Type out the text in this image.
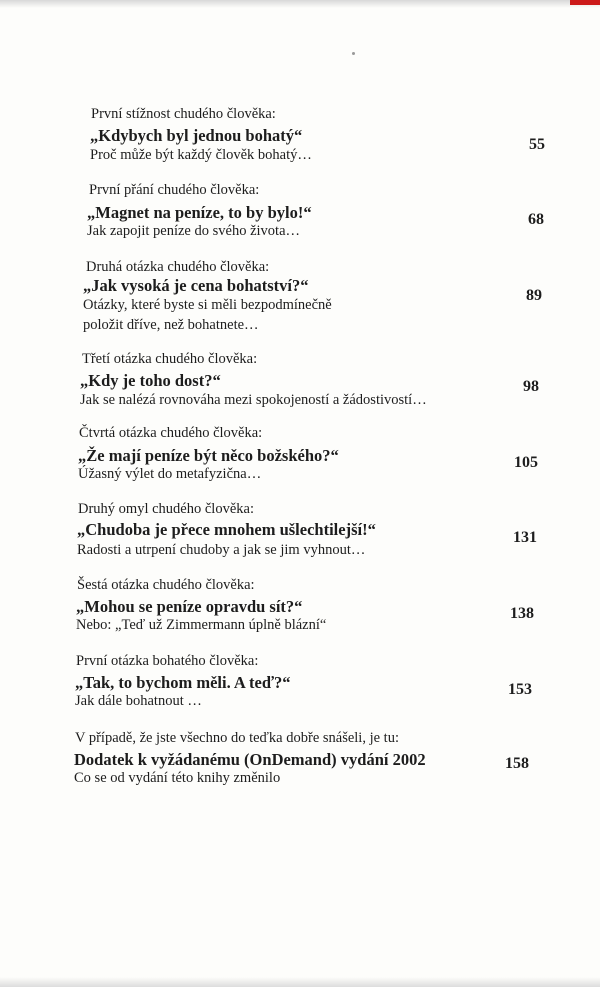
První stížnost chudého člověka:
„Kdybych byl jednou bohatý“
Proč může být každý člověk bohatý…
55
První přání chudého člověka:
„Magnet na peníze, to by bylo!“
Jak zapojit peníze do svého života…
68
Druhá otázka chudého člověka:
„Jak vysoká je cena bohatství?“
Otázky, které byste si měli bezpodmínečně
položit dříve, než bohatnete…
89
Třetí otázka chudého člověka:
„Kdy je toho dost?“
Jak se nalézá rovnováha mezi spokojeností a žádostivostí…
98
Čtvrtá otázka chudého člověka:
„Že mají peníze být něco božského?“
Úžasný výlet do metafyzična…
105
Druhý omyl chudého člověka:
„Chudoba je přece mnohem ušlechtilejší!“
Radosti a utrpení chudoby a jak se jim vyhnout…
131
Šestá otázka chudého člověka:
„Mohou se peníze opravdu sít?“
Nebo: „Teď už Zimmermann úplně blázní“
138
První otázka bohatého člověka:
„Tak, to bychom měli. A teď?“
Jak dále bohatnout …
153
V případě, že jste všechno do teďka dobře snášeli, je tu:
Dodatek k vyžádanému (OnDemand) vydání 2002
Co se od vydání této knihy změnilo
158
